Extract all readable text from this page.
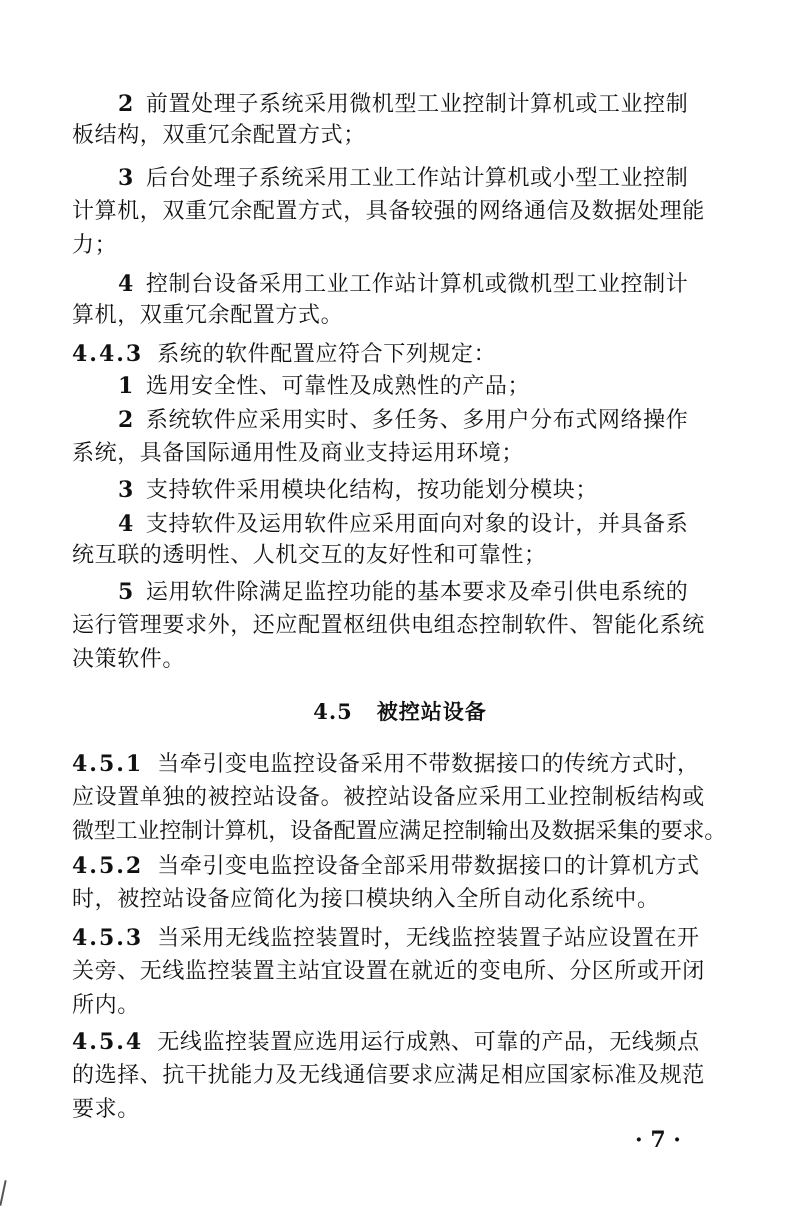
2 前置处理子系统采用微机型工业控制计算机或工业控制
板结构，双重冗余配置方式；
3 后台处理子系统采用工业工作站计算机或小型工业控制
计算机，双重冗余配置方式，具备较强的网络通信及数据处理能
力；
4 控制台设备采用工业工作站计算机或微机型工业控制计
算机，双重冗余配置方式。
4.4.3 系统的软件配置应符合下列规定：
1 选用安全性、可靠性及成熟性的产品；
2 系统软件应采用实时、多任务、多用户分布式网络操作
系统，具备国际通用性及商业支持运用环境；
3 支持软件采用模块化结构，按功能划分模块；
4 支持软件及运用软件应采用面向对象的设计，并具备系
统互联的透明性、人机交互的友好性和可靠性；
5 运用软件除满足监控功能的基本要求及牵引供电系统的
运行管理要求外，还应配置枢纽供电组态控制软件、智能化系统
决策软件。
4.5 被控站设备
4.5.1 当牵引变电监控设备采用不带数据接口的传统方式时，
应设置单独的被控站设备。被控站设备应采用工业控制板结构或
微型工业控制计算机，设备配置应满足控制输出及数据采集的要求。
4.5.2 当牵引变电监控设备全部采用带数据接口的计算机方式
时，被控站设备应简化为接口模块纳入全所自动化系统中。
4.5.3 当采用无线监控装置时，无线监控装置子站应设置在开
关旁、无线监控装置主站宜设置在就近的变电所、分区所或开闭
所内。
4.5.4 无线监控装置应选用运行成熟、可靠的产品，无线频点
的选择、抗干扰能力及无线通信要求应满足相应国家标准及规范
要求。
· 7 ·
